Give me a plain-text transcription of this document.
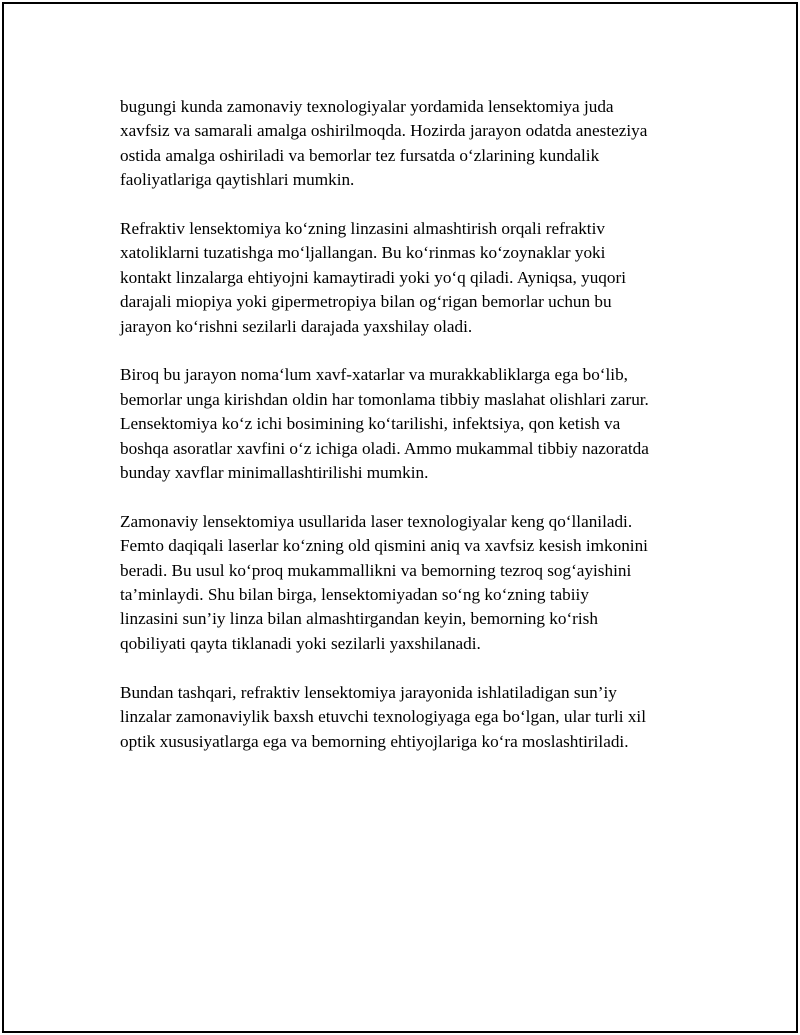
bugungi kunda zamonaviy texnologiyalar yordamida lensektomiya juda
xavfsiz va samarali amalga oshirilmoqda. Hozirda jarayon odatda anesteziya
ostida amalga oshiriladi va bemorlar tez fursatda o‘zlarining kundalik
faoliyatlariga qaytishlari mumkin.

Refraktiv lensektomiya ko‘zning linzasini almashtirish orqali refraktiv
xatoliklarni tuzatishga mo‘ljallangan. Bu ko‘rinmas ko‘zoynaklar yoki
kontakt linzalarga ehtiyojni kamaytiradi yoki yo‘q qiladi. Ayniqsa, yuqori
darajali miopiya yoki gipermetropiya bilan og‘rigan bemorlar uchun bu
jarayon ko‘rishni sezilarli darajada yaxshilay oladi.

Biroq bu jarayon noma‘lum xavf-xatarlar va murakkabliklarga ega bo‘lib,
bemorlar unga kirishdan oldin har tomonlama tibbiy maslahat olishlari zarur.
Lensektomiya ko‘z ichi bosimining ko‘tarilishi, infektsiya, qon ketish va
boshqa asoratlar xavfini o‘z ichiga oladi. Ammo mukammal tibbiy nazoratda
bunday xavflar minimallashtirilishi mumkin.

Zamonaviy lensektomiya usullarida laser texnologiyalar keng qo‘llaniladi.
Femto daqiqali laserlar ko‘zning old qismini aniq va xavfsiz kesish imkonini
beradi. Bu usul ko‘proq mukammallikni va bemorning tezroq sog‘ayishini
ta’minlaydi. Shu bilan birga, lensektomiyadan so‘ng ko‘zning tabiiy
linzasini sun’iy linza bilan almashtirgandan keyin, bemorning ko‘rish
qobiliyati qayta tiklanadi yoki sezilarli yaxshilanadi.

Bundan tashqari, refraktiv lensektomiya jarayonida ishlatiladigan sun’iy
linzalar zamonaviylik baxsh etuvchi texnologiyaga ega bo‘lgan, ular turli xil
optik xususiyatlarga ega va bemorning ehtiyojlariga ko‘ra moslashtiriladi.
